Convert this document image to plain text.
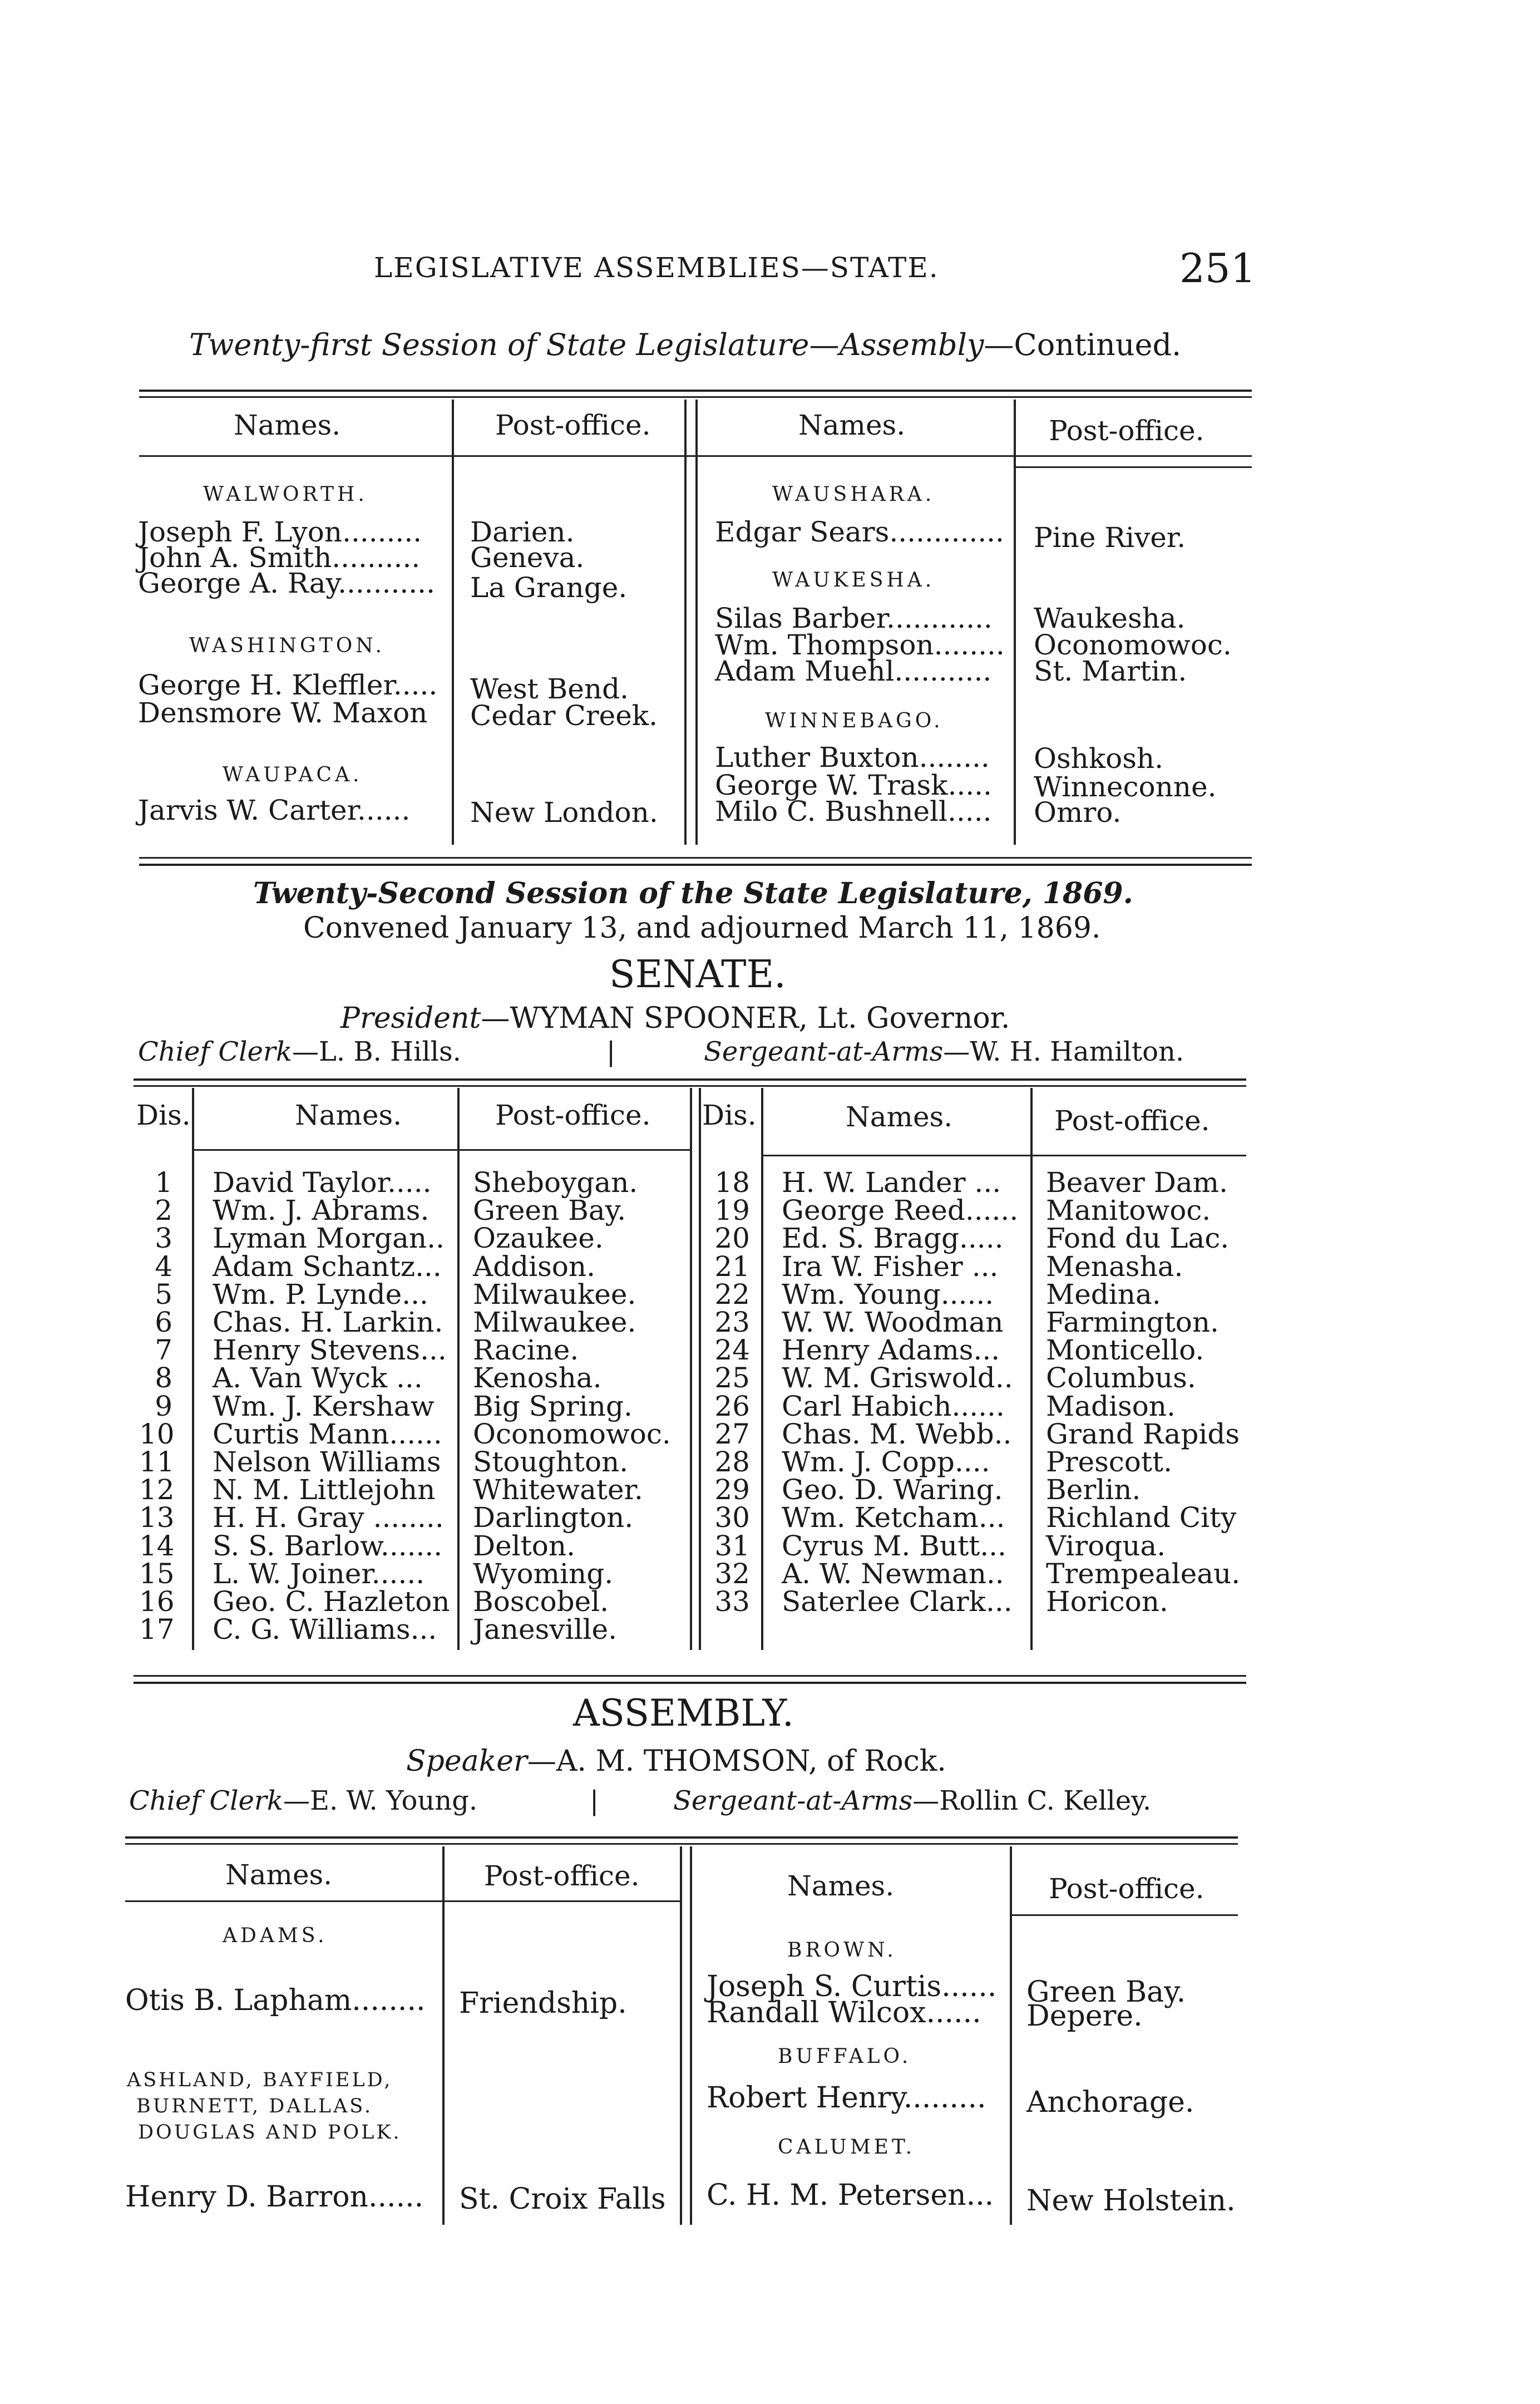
LEGISLATIVE ASSEMBLIES—STATE.	251
Twenty-first Session of State Legislature—Assembly—Continued.
Names.	Post-office.	Names.	Post-office.
WALWORTH.
Joseph F. Lyon......... Darien.
John A. Smith.......... Geneva.
George A. Ray........... La Grange.
WASHINGTON.
George H. Kleffler..... West Bend.
Densmore W. Maxon Cedar Creek.
WAUPACA.
Jarvis W. Carter...... New London.
WAUSHARA.
Edgar Sears............. Pine River.
WAUKESHA.
Silas Barber............ Waukesha.
Wm. Thompson........ Oconomowoc.
Adam Muehl........... St. Martin.
WINNEBAGO.
Luther Buxton........ Oshkosh.
George W. Trask..... Winneconne.
Milo C. Bushnell..... Omro.
Twenty-Second Session of the State Legislature, 1869.
Convened January 13, and adjourned March 11, 1869.
SENATE.
President—WYMAN SPOONER, Lt. Governor.
Chief Clerk—L. B. Hills.	|	Sergeant-at-Arms—W. H. Hamilton.
Dis.	Names.	Post-office. Dis.	Names.	Post-office.
1 David Taylor..... Sheboygan.
2 Wm. J. Abrams. Green Bay.
3 Lyman Morgan.. Ozaukee.
4 Adam Schantz... Addison.
5 Wm. P. Lynde... Milwaukee.
6 Chas. H. Larkin. Milwaukee.
7 Henry Stevens... Racine.
8 A. Van Wyck ... Kenosha.
9 Wm. J. Kershaw Big Spring.
10 Curtis Mann...... Oconomowoc.
11 Nelson Williams Stoughton.
12 N. M. Littlejohn Whitewater.
13 H. H. Gray ........ Darlington.
14 S. S. Barlow....... Delton.
15 L. W. Joiner...... Wyoming.
16 Geo. C. Hazleton Boscobel.
17 C. G. Williams... Janesville.
18 H. W. Lander ... Beaver Dam.
19 George Reed...... Manitowoc.
20 Ed. S. Bragg..... Fond du Lac.
21 Ira W. Fisher ... Menasha.
22 Wm. Young...... Medina.
23 W. W. Woodman Farmington.
24 Henry Adams... Monticello.
25 W. M. Griswold.. Columbus.
26 Carl Habich...... Madison.
27 Chas. M. Webb.. Grand Rapids
28 Wm. J. Copp.... Prescott.
29 Geo. D. Waring. Berlin.
30 Wm. Ketcham... Richland City
31 Cyrus M. Butt... Viroqua.
32 A. W. Newman.. Trempealeau.
33 Saterlee Clark... Horicon.
ASSEMBLY.
Speaker—A. M. THOMSON, of Rock.
Chief Clerk—E. W. Young.	|	Sergeant-at-Arms—Rollin C. Kelley.
Names.	Post-office.	Names.	Post-office.
ADAMS.
Otis B. Lapham........ Friendship.
ASHLAND, BAYFIELD,
BURNETT, DALLAS.
DOUGLAS AND POLK.
Henry D. Barron...... St. Croix Falls
BROWN.
Joseph S. Curtis...... Green Bay.
Randall Wilcox...... Depere.
BUFFALO.
Robert Henry......... Anchorage.
CALUMET.
C. H. M. Petersen... New Holstein.
